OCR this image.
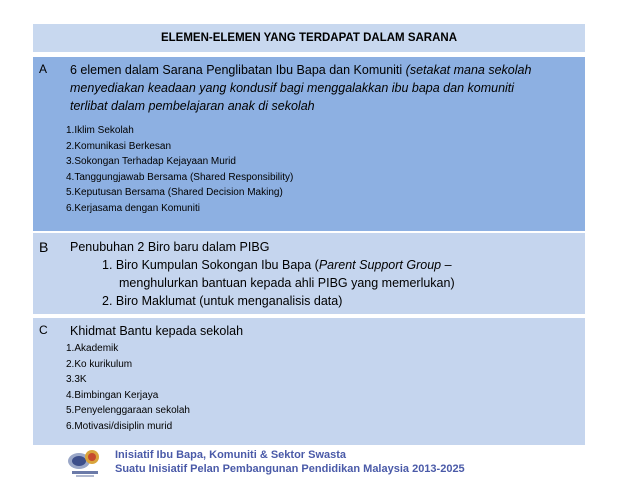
ELEMEN-ELEMEN YANG TERDAPAT DALAM SARANA
A 6 elemen dalam Sarana Penglibatan Ibu Bapa dan Komuniti (setakat mana sekolah menyediakan keadaan yang kondusif bagi menggalakkan ibu bapa dan komuniti terlibat dalam pembelajaran anak di sekolah
1.Iklim Sekolah
2.Komunikasi Berkesan
3.Sokongan Terhadap Kejayaan Murid
4.Tanggungjawab Bersama (Shared Responsibility)
5.Keputusan Bersama (Shared Decision Making)
6.Kerjasama dengan Komuniti
B Penubuhan 2 Biro baru dalam PIBG
1. Biro Kumpulan Sokongan Ibu Bapa (Parent Support Group –
menghulurkan bantuan kepada ahli PIBG yang memerlukan)
2. Biro Maklumat (untuk menganalisis data)
C Khidmat Bantu kepada sekolah
1.Akademik
2.Ko kurikulum
3.3K
4.Bimbingan Kerjaya
5.Penyelenggaraan sekolah
6.Motivasi/disiplin murid
Inisiatif Ibu Bapa, Komuniti & Sektor Swasta
Suatu Inisiatif Pelan Pembangunan Pendidikan Malaysia 2013-2025
